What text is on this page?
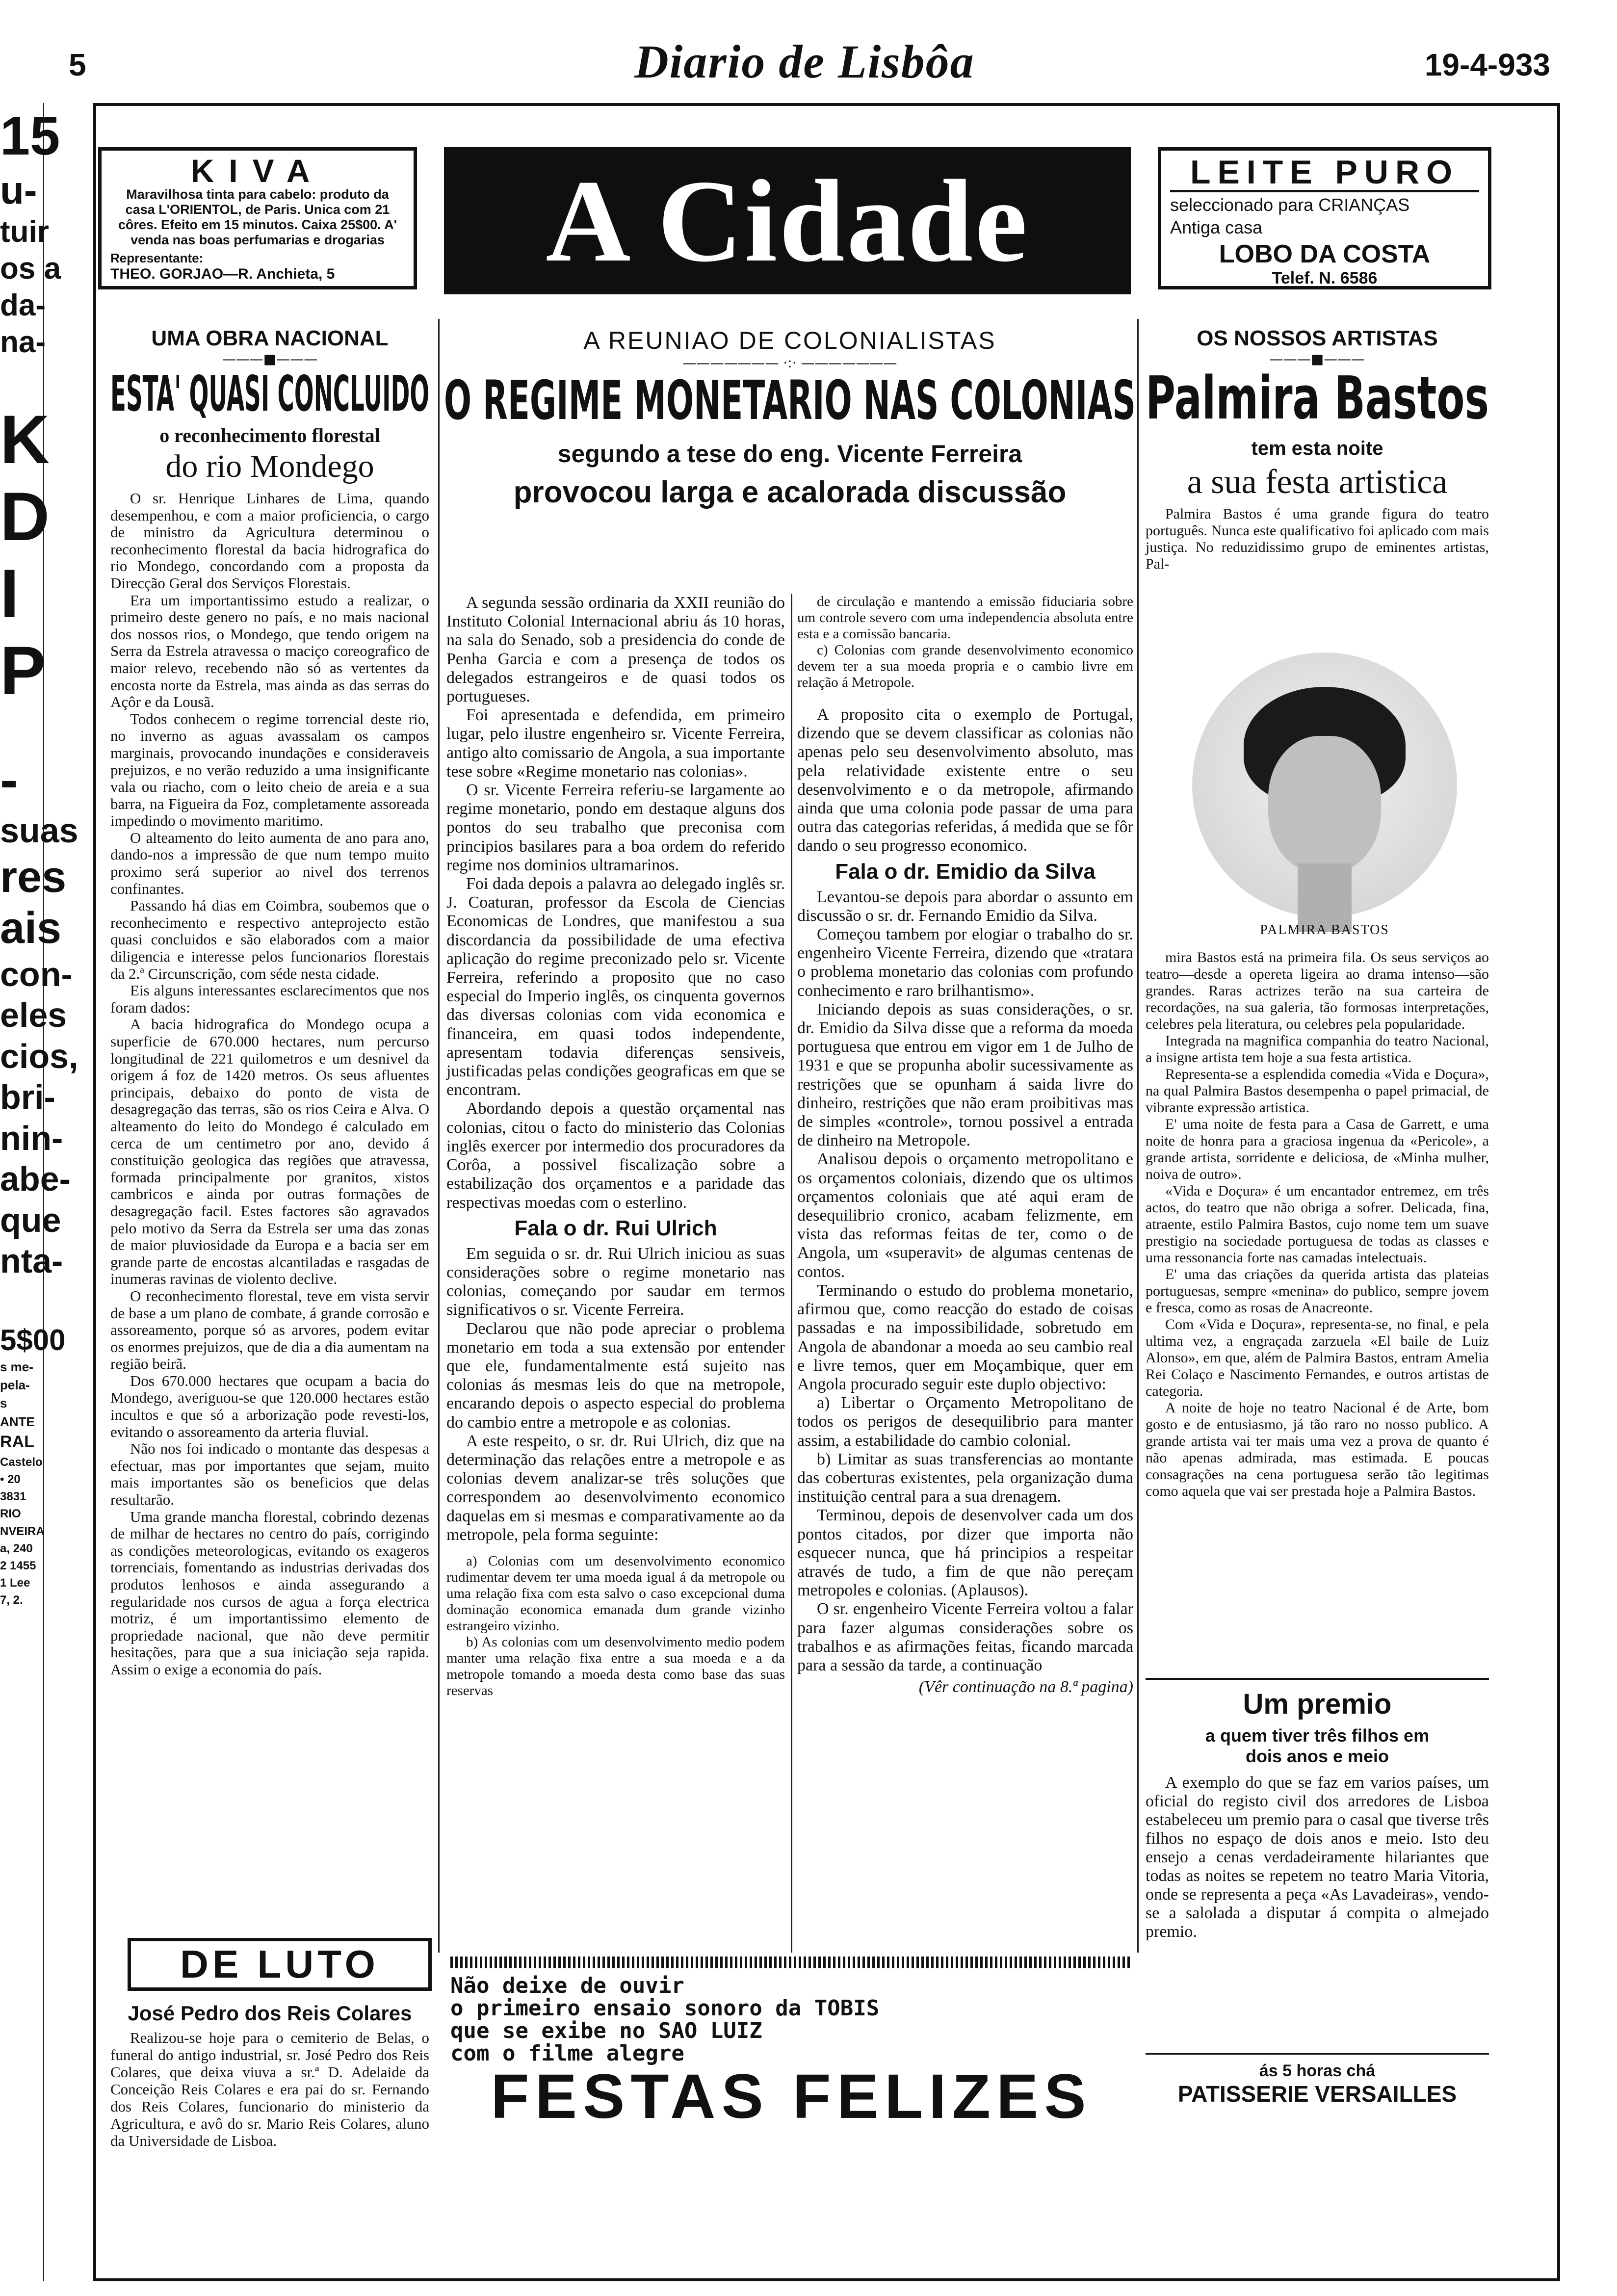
5	Diario de Lisbôa	19-4-933
15
u-
tuir
os a
da-
na-

K
D
I
P

-
suas
res
ais
con-
eles
cios,
bri-
nin-
abe-
que
nta-

5$00
s me-
pela-
s
ANTE
RAL
Castelo
• 20
3831
RIO
NVEIRA
a, 240
2 1455
1 Lee
7, 2.
KIVA
Maravilhosa tinta para cabelo: produto da casa L'ORIENTOL, de Paris. Unica com 21 côres. Efeito em 15 minutos. Caixa 25$00. A' venda nas boas perfumarias e drogarias
Representante:
THEO. GORJAO—R. Anchieta, 5	A Cidade	LEITE PURO
seleccionado para CRIANÇAS
Antiga casa
LOBO DA COSTA
Telef. N. 6586
UMA OBRA NACIONAL
———■———
ESTA' QUASI CONCLUIDO
o reconhecimento florestal
do rio Mondego

O sr. Henrique Linhares de Lima, quando desempenhou, e com a maior proficiencia, o cargo de ministro da Agricultura determinou o reconhecimento florestal da bacia hidrografica do rio Mondego, concordando com a proposta da Direcção Geral dos Serviços Florestais.

Era um importantissimo estudo a realizar, o primeiro deste genero no país, e no mais nacional dos nossos rios, o Mondego, que tendo origem na Serra da Estrela atravessa o maciço coreografico de maior relevo, recebendo não só as vertentes da encosta norte da Estrela, mas ainda as das serras do Açôr e da Lousã.

Todos conhecem o regime torrencial deste rio, no inverno as aguas avassalam os campos marginais, provocando inundações e consideraveis prejuizos, e no verão reduzido a uma insignificante vala ou riacho, com o leito cheio de areia e a sua barra, na Figueira da Foz, completamente assoreada impedindo o movimento maritimo.

O alteamento do leito aumenta de ano para ano, dando-nos a impressão de que num tempo muito proximo será superior ao nivel dos terrenos confinantes.

Passando há dias em Coimbra, soubemos que o reconhecimento e respectivo anteprojecto estão quasi concluidos e são elaborados com a maior diligencia e interesse pelos funcionarios florestais da 2.ª Circunscrição, com séde nesta cidade.

Eis alguns interessantes esclarecimentos que nos foram dados:

A bacia hidrografica do Mondego ocupa a superficie de 670.000 hectares, num percurso longitudinal de 221 quilometros e um desnivel da origem á foz de 1420 metros. Os seus afluentes principais, debaixo do ponto de vista de desagregação das terras, são os rios Ceira e Alva. O alteamento do leito do Mondego é calculado em cerca de um centimetro por ano, devido á constituição geologica das regiões que atravessa, formada principalmente por granitos, xistos cambricos e ainda por outras formações de desagregação facil. Estes factores são agravados pelo motivo da Serra da Estrela ser uma das zonas de maior pluviosidade da Europa e a bacia ser em grande parte de encostas alcantiladas e rasgadas de inumeras ravinas de violento declive.

O reconhecimento florestal, teve em vista servir de base a um plano de combate, á grande corrosão e assoreamento, porque só as arvores, podem evitar os enormes prejuizos, que de dia a dia aumentam na região beirã.

Dos 670.000 hectares que ocupam a bacia do Mondego, averiguou-se que 120.000 hectares estão incultos e que só a arborização pode revesti-los, evitando o assoreamento da arteria fluvial.

Não nos foi indicado o montante das despesas a efectuar, mas por importantes que sejam, muito mais importantes são os beneficios que delas resultarão.

Uma grande mancha florestal, cobrindo dezenas de milhar de hectares no centro do país, corrigindo as condições meteorologicas, evitando os exageros torrenciais, fomentando as industrias derivadas dos produtos lenhosos e ainda assegurando a regularidade nos cursos de agua a força electrica motriz, é um importantissimo elemento de propriedade nacional, que não deve permitir hesitações, para que a sua iniciação seja rapida. Assim o exige a economia do país.

DE LUTO
José Pedro dos Reis Colares

Realizou-se hoje para o cemiterio de Belas, o funeral do antigo industrial, sr. José Pedro dos Reis Colares, que deixa viuva a sr.ª D. Adelaide da Conceição Reis Colares e era pai do sr. Fernando dos Reis Colares, funcionario do ministerio da Agricultura, e avô do sr. Mario Reis Colares, aluno da Universidade de Lisboa.

A REUNIAO DE COLONIALISTAS
——————— ·:· ———————
O REGIME MONETARIO NAS COLONIAS
segundo a tese do eng. Vicente Ferreira
provocou larga e acalorada discussão

A segunda sessão ordinaria da XXII reunião do Instituto Colonial Internacional abriu ás 10 horas, na sala do Senado, sob a presidencia do conde de Penha Garcia e com a presença de todos os delegados estrangeiros e de quasi todos os portugueses.

Foi apresentada e defendida, em primeiro lugar, pelo ilustre engenheiro sr. Vicente Ferreira, antigo alto comissario de Angola, a sua importante tese sobre «Regime monetario nas colonias».

O sr. Vicente Ferreira referiu-se largamente ao regime monetario, pondo em destaque alguns dos pontos do seu trabalho que preconisa com principios basilares para a boa ordem do referido regime nos dominios ultramarinos.

Foi dada depois a palavra ao delegado inglês sr. J. Coaturan, professor da Escola de Ciencias Economicas de Londres, que manifestou a sua discordancia da possibilidade de uma efectiva aplicação do regime preconizado pelo sr. Vicente Ferreira, referindo a proposito que no caso especial do Imperio inglês, os cinquenta governos das diversas colonias com vida economica e financeira, em quasi todos independente, apresentam todavia diferenças sensiveis, justificadas pelas condições geograficas em que se encontram.

Abordando depois a questão orçamental nas colonias, citou o facto do ministerio das Colonias inglês exercer por intermedio dos procuradores da Corôa, a possivel fiscalização sobre a estabilização dos orçamentos e a paridade das respectivas moedas com o esterlino.

Fala o dr. Rui Ulrich

Em seguida o sr. dr. Rui Ulrich iniciou as suas considerações sobre o regime monetario nas colonias, começando por saudar em termos significativos o sr. Vicente Ferreira.

Declarou que não pode apreciar o problema monetario em toda a sua extensão por entender que ele, fundamentalmente está sujeito nas colonias ás mesmas leis do que na metropole, encarando depois o aspecto especial do problema do cambio entre a metropole e as colonias.

A este respeito, o sr. dr. Rui Ulrich, diz que na determinação das relações entre a metropole e as colonias devem analizar-se três soluções que correspondem ao desenvolvimento economico daquelas em si mesmas e comparativamente ao da metropole, pela forma seguinte:

a) Colonias com um desenvolvimento economico rudimentar devem ter uma moeda igual á da metropole ou uma relação fixa com esta salvo o caso excepcional duma dominação economica emanada dum grande vizinho estrangeiro vizinho.

b) As colonias com um desenvolvimento medio podem manter uma relação fixa entre a sua moeda e a da metropole tomando a moeda desta como base das suas reservas

de circulação e mantendo a emissão fiduciaria sobre um controle severo com uma independencia absoluta entre esta e a comissão bancaria.

c) Colonias com grande desenvolvimento economico devem ter a sua moeda propria e o cambio livre em relação á Metropole.

A proposito cita o exemplo de Portugal, dizendo que se devem classificar as colonias não apenas pelo seu desenvolvimento absoluto, mas pela relatividade existente entre o seu desenvolvimento e o da metropole, afirmando ainda que uma colonia pode passar de uma para outra das categorias referidas, á medida que se fôr dando o seu progresso economico.

Fala o dr. Emidio da Silva

Levantou-se depois para abordar o assunto em discussão o sr. dr. Fernando Emidio da Silva.

Começou tambem por elogiar o trabalho do sr. engenheiro Vicente Ferreira, dizendo que «tratara o problema monetario das colonias com profundo conhecimento e raro brilhantismo».

Iniciando depois as suas considerações, o sr. dr. Emidio da Silva disse que a reforma da moeda portuguesa que entrou em vigor em 1 de Julho de 1931 e que se propunha abolir sucessivamente as restrições que se opunham á saida livre do dinheiro, restrições que não eram proibitivas mas de simples «controle», tornou possivel a entrada de dinheiro na Metropole.

Analisou depois o orçamento metropolitano e os orçamentos coloniais, dizendo que os ultimos orçamentos coloniais que até aqui eram de desequilibrio cronico, acabam felizmente, em vista das reformas feitas de ter, como o de Angola, um «superavit» de algumas centenas de contos.

Terminando o estudo do problema monetario, afirmou que, como reacção do estado de coisas passadas e na impossibilidade, sobretudo em Angola de abandonar a moeda ao seu cambio real e livre temos, quer em Moçambique, quer em Angola procurado seguir este duplo objectivo:

a) Libertar o Orçamento Metropolitano de todos os perigos de desequilibrio para manter assim, a estabilidade do cambio colonial.

b) Limitar as suas transferencias ao montante das coberturas existentes, pela organização duma instituição central para a sua drenagem.

Terminou, depois de desenvolver cada um dos pontos citados, por dizer que importa não esquecer nunca, que há principios a respeitar através de tudo, a fim de que não pereçam metropoles e colonias. (Aplausos).

O sr. engenheiro Vicente Ferreira voltou a falar para fazer algumas considerações sobre os trabalhos e as afirmações feitas, ficando marcada para a sessão da tarde, a continuação

(Vêr continuação na 8.ª pagina)
Não deixe de ouvir
o primeiro ensaio sonoro da TOBIS
que se exibe no SAO LUIZ
com o filme alegre
FESTAS FELIZES
OS NOSSOS ARTISTAS
———■———
Palmira Bastos
tem esta noite
a sua festa artistica

Palmira Bastos é uma grande figura do teatro português. Nunca este qualificativo foi aplicado com mais justiça. No reduzidissimo grupo de eminentes artistas, Pal-

PALMIRA BASTOS

mira Bastos está na primeira fila. Os seus serviços ao teatro—desde a opereta ligeira ao drama intenso—são grandes. Raras actrizes terão na sua carteira de recordações, na sua galeria, tão formosas interpretações, celebres pela literatura, ou celebres pela popularidade.

Integrada na magnifica companhia do teatro Nacional, a insigne artista tem hoje a sua festa artistica.

Representa-se a esplendida comedia «Vida e Doçura», na qual Palmira Bastos desempenha o papel primacial, de vibrante expressão artistica.

E' uma noite de festa para a Casa de Garrett, e uma noite de honra para a graciosa ingenua da «Pericole», a grande artista, sorridente e deliciosa, de «Minha mulher, noiva de outro».

«Vida e Doçura» é um encantador entremez, em três actos, do teatro que não obriga a sofrer. Delicada, fina, atraente, estilo Palmira Bastos, cujo nome tem um suave prestigio na sociedade portuguesa de todas as classes e uma ressonancia forte nas camadas intelectuais.

E' uma das criações da querida artista das plateias portuguesas, sempre «menina» do publico, sempre jovem e fresca, como as rosas de Anacreonte.

Com «Vida e Doçura», representa-se, no final, e pela ultima vez, a engraçada zarzuela «El baile de Luiz Alonso», em que, além de Palmira Bastos, entram Amelia Rei Colaço e Nascimento Fernandes, e outros artistas de categoria.

A noite de hoje no teatro Nacional é de Arte, bom gosto e de entusiasmo, já tão raro no nosso publico. A grande artista vai ter mais uma vez a prova de quanto é não apenas admirada, mas estimada. E poucas consagrações na cena portuguesa serão tão legitimas como aquela que vai ser prestada hoje a Palmira Bastos.

Um premio
a quem tiver três filhos em
dois anos e meio

A exemplo do que se faz em varios países, um oficial do registo civil dos arredores de Lisboa estabeleceu um premio para o casal que tiverse três filhos no espaço de dois anos e meio. Isto deu ensejo a cenas verdadeiramente hilariantes que todas as noites se repetem no teatro Maria Vitoria, onde se representa a peça «As Lavadeiras», vendo-se a salolada a disputar á compita o almejado premio.

ás 5 horas chá
PATISSERIE VERSAILLES
